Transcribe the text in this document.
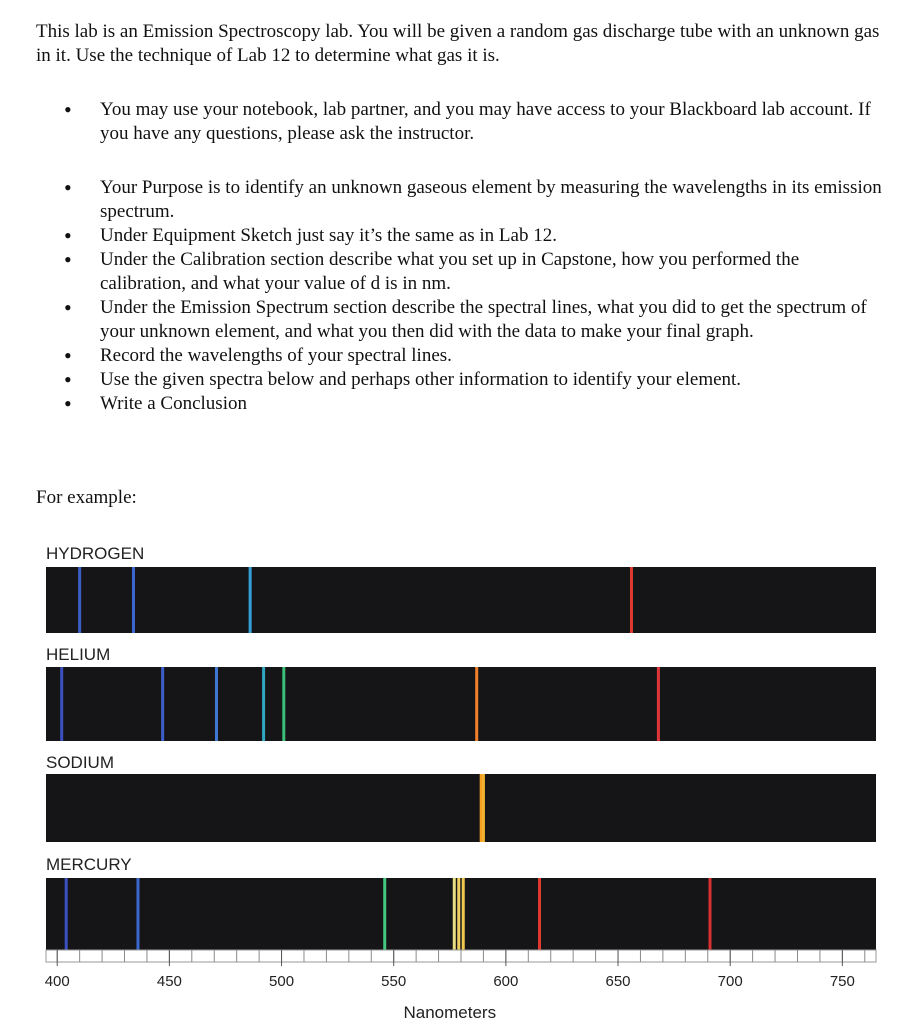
This lab is an Emission Spectroscopy lab. You will be given a random gas discharge tube with an unknown gas in it. Use the technique of Lab 12 to determine what gas it is.

• You may use your notebook, lab partner, and you may have access to your Blackboard lab account. If you have any questions, please ask the instructor.
• Your Purpose is to identify an unknown gaseous element by measuring the wavelengths in its emission spectrum.
• Under Equipment Sketch just say it’s the same as in Lab 12.
• Under the Calibration section describe what you set up in Capstone, how you performed the calibration, and what your value of d is in nm.
• Under the Emission Spectrum section describe the spectral lines, what you did to get the spectrum of your unknown element, and what you then did with the data to make your final graph.
• Record the wavelengths of your spectral lines.
• Use the given spectra below and perhaps other information to identify your element.
• Write a Conclusion

For example:

HYDROGEN
HELIUM
SODIUM
MERCURY
400	450	500	550	600	650	700	750
Nanometers
